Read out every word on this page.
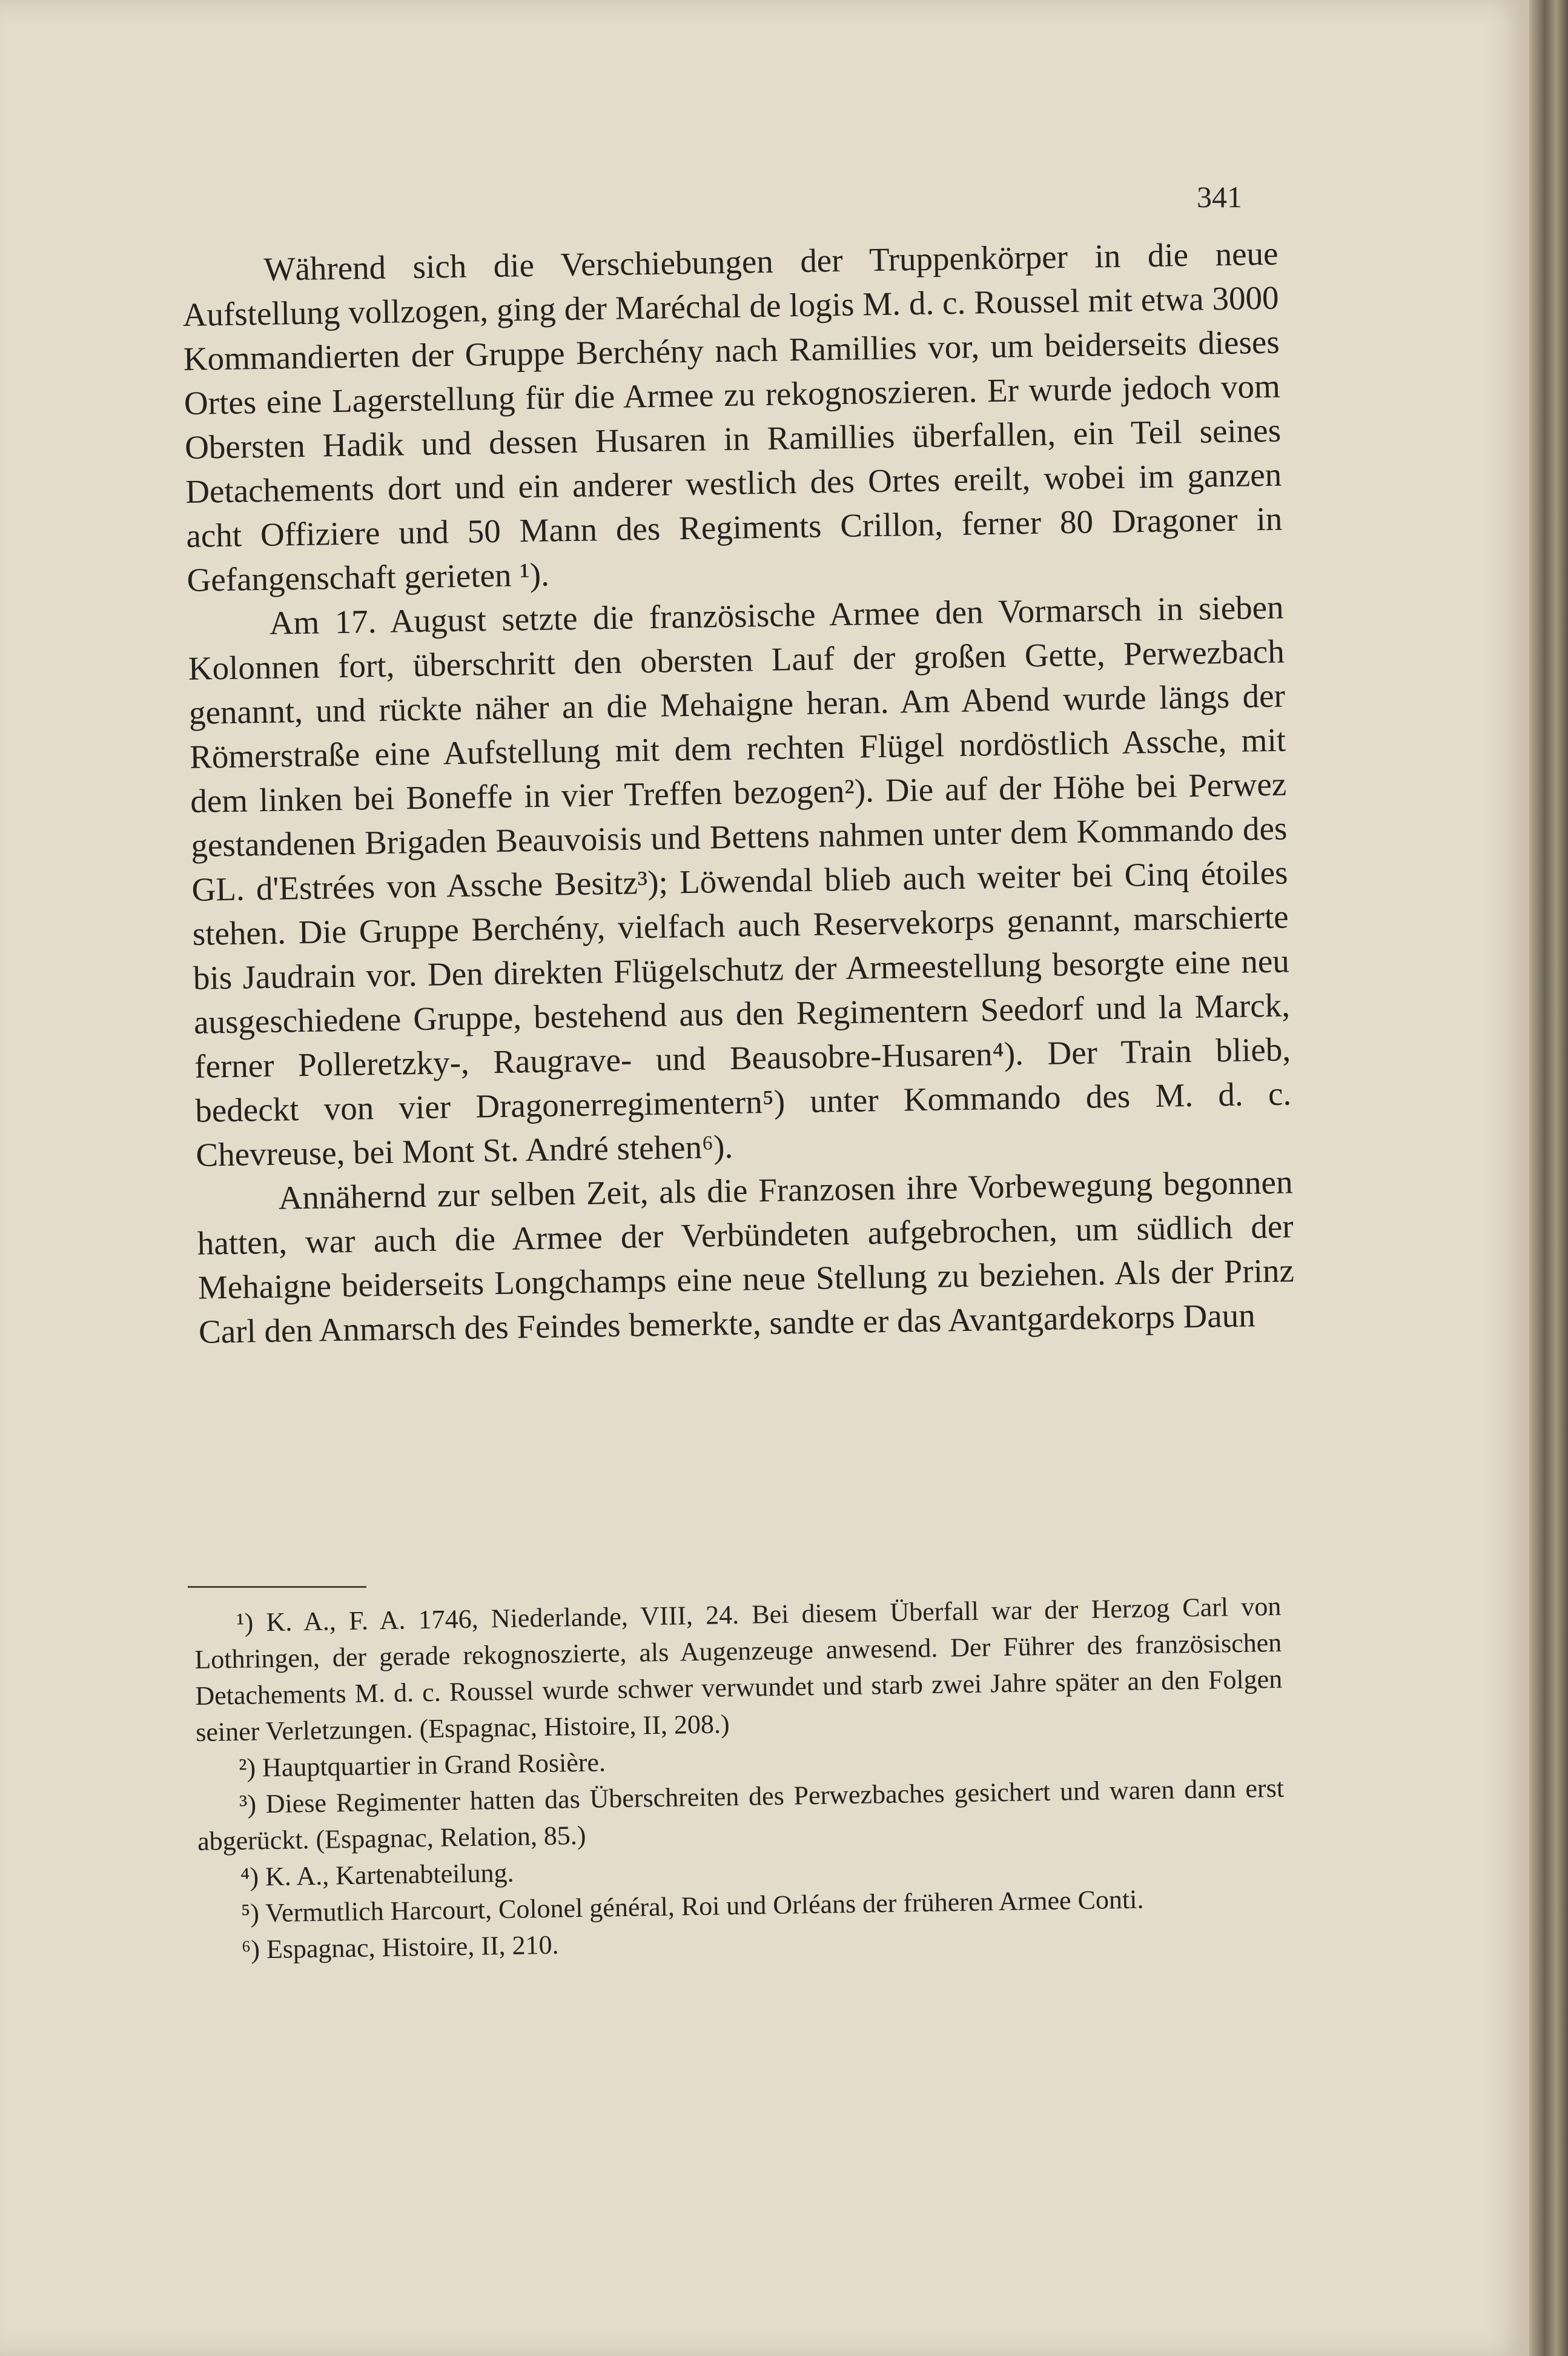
341

Während sich die Verschiebungen der Truppenkörper in die neue Aufstellung vollzogen, ging der Maréchal de logis M. d. c. Roussel mit etwa 3000 Kommandierten der Gruppe Berchény nach Ramillies vor, um beiderseits dieses Ortes eine Lagerstellung für die Armee zu rekognoszieren. Er wurde jedoch vom Obersten Hadik und dessen Husaren in Ramillies überfallen, ein Teil seines Detachements dort und ein anderer westlich des Ortes ereilt, wobei im ganzen acht Offiziere und 50 Mann des Regiments Crillon, ferner 80 Dragoner in Gefangenschaft gerieten ¹).

Am 17. August setzte die französische Armee den Vormarsch in sieben Kolonnen fort, überschritt den obersten Lauf der großen Gette, Perwezbach genannt, und rückte näher an die Mehaigne heran. Am Abend wurde längs der Römerstraße eine Aufstellung mit dem rechten Flügel nordöstlich Assche, mit dem linken bei Boneffe in vier Treffen bezogen²). Die auf der Höhe bei Perwez gestandenen Brigaden Beauvoisis und Bettens nahmen unter dem Kommando des GL. d'Estrées von Assche Besitz³); Löwendal blieb auch weiter bei Cinq étoiles stehen. Die Gruppe Berchény, vielfach auch Reservekorps genannt, marschierte bis Jaudrain vor. Den direkten Flügelschutz der Armeestellung besorgte eine neu ausgeschiedene Gruppe, bestehend aus den Regimentern Seedorf und la Marck, ferner Polleretzky-, Raugrave- und Beausobre-Husaren⁴). Der Train blieb, bedeckt von vier Dragonerregimentern⁵) unter Kommando des M. d. c. Chevreuse, bei Mont St. André stehen⁶).

Annähernd zur selben Zeit, als die Franzosen ihre Vorbewegung begonnen hatten, war auch die Armee der Verbündeten aufgebrochen, um südlich der Mehaigne beiderseits Longchamps eine neue Stellung zu beziehen. Als der Prinz Carl den Anmarsch des Feindes bemerkte, sandte er das Avantgardekorps Daun

¹) K. A., F. A. 1746, Niederlande, VIII, 24. Bei diesem Überfall war der Herzog Carl von Lothringen, der gerade rekognoszierte, als Augenzeuge anwesend. Der Führer des französischen Detachements M. d. c. Roussel wurde schwer verwundet und starb zwei Jahre später an den Folgen seiner Verletzungen. (Espagnac, Histoire, II, 208.)

²) Hauptquartier in Grand Rosière.

³) Diese Regimenter hatten das Überschreiten des Perwezbaches gesichert und waren dann erst abgerückt. (Espagnac, Relation, 85.)

⁴) K. A., Kartenabteilung.

⁵) Vermutlich Harcourt, Colonel général, Roi und Orléans der früheren Armee Conti.

⁶) Espagnac, Histoire, II, 210.
